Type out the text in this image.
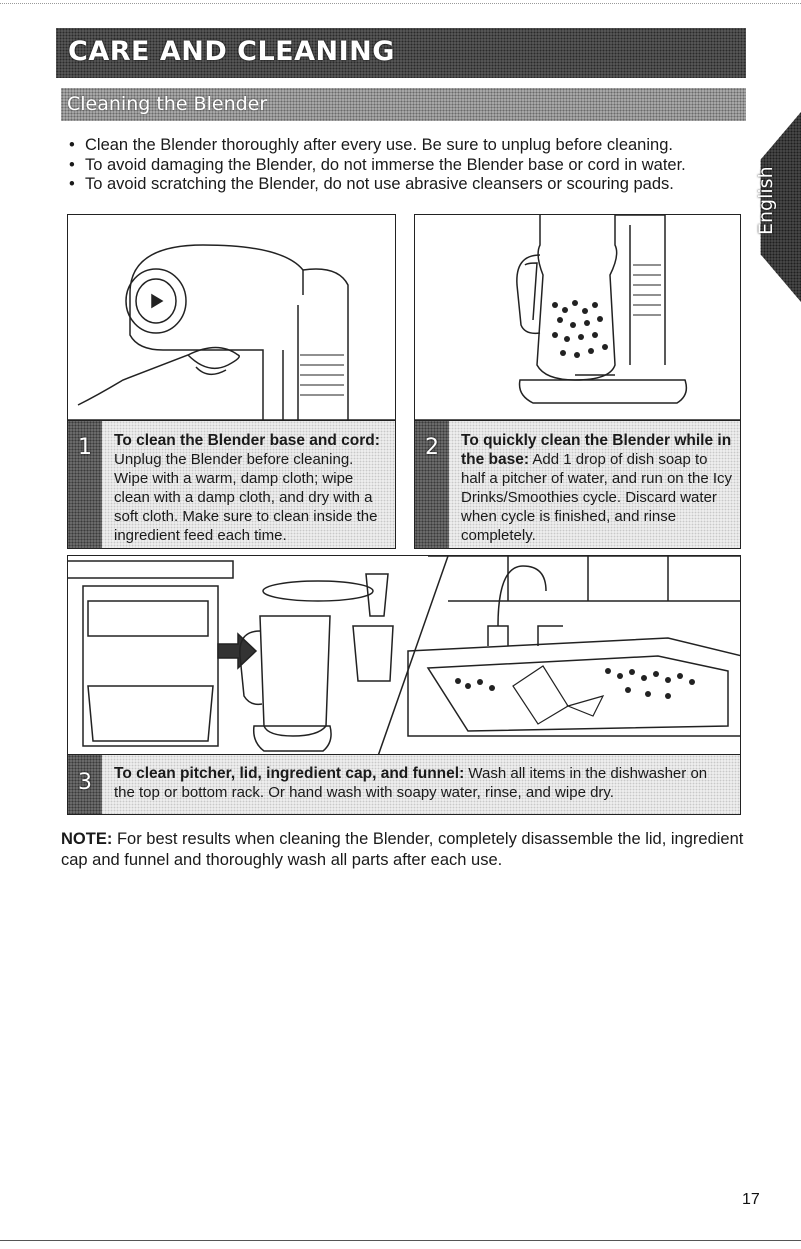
CARE AND CLEANING
Cleaning the Blender
English
• Clean the Blender thoroughly after every use. Be sure to unplug before cleaning.
• To avoid damaging the Blender, do not immerse the Blender base or cord in water.
• To avoid scratching the Blender, do not use abrasive cleansers or scouring pads.
1	To clean the Blender base and cord: Unplug the Blender before cleaning. Wipe with a warm, damp cloth; wipe clean with a damp cloth, and dry with a soft cloth. Make sure to clean inside the ingredient feed each time.
2	To quickly clean the Blender while in the base: Add 1 drop of dish soap to half a pitcher of water, and run on the Icy Drinks/Smoothies cycle. Discard water when cycle is finished, and rinse completely.
3	To clean pitcher, lid, ingredient cap, and funnel: Wash all items in the dishwasher on the top or bottom rack. Or hand wash with soapy water, rinse, and wipe dry.

NOTE: For best results when cleaning the Blender, completely disassemble the lid, ingredient cap and funnel and thoroughly wash all parts after each use.

17
